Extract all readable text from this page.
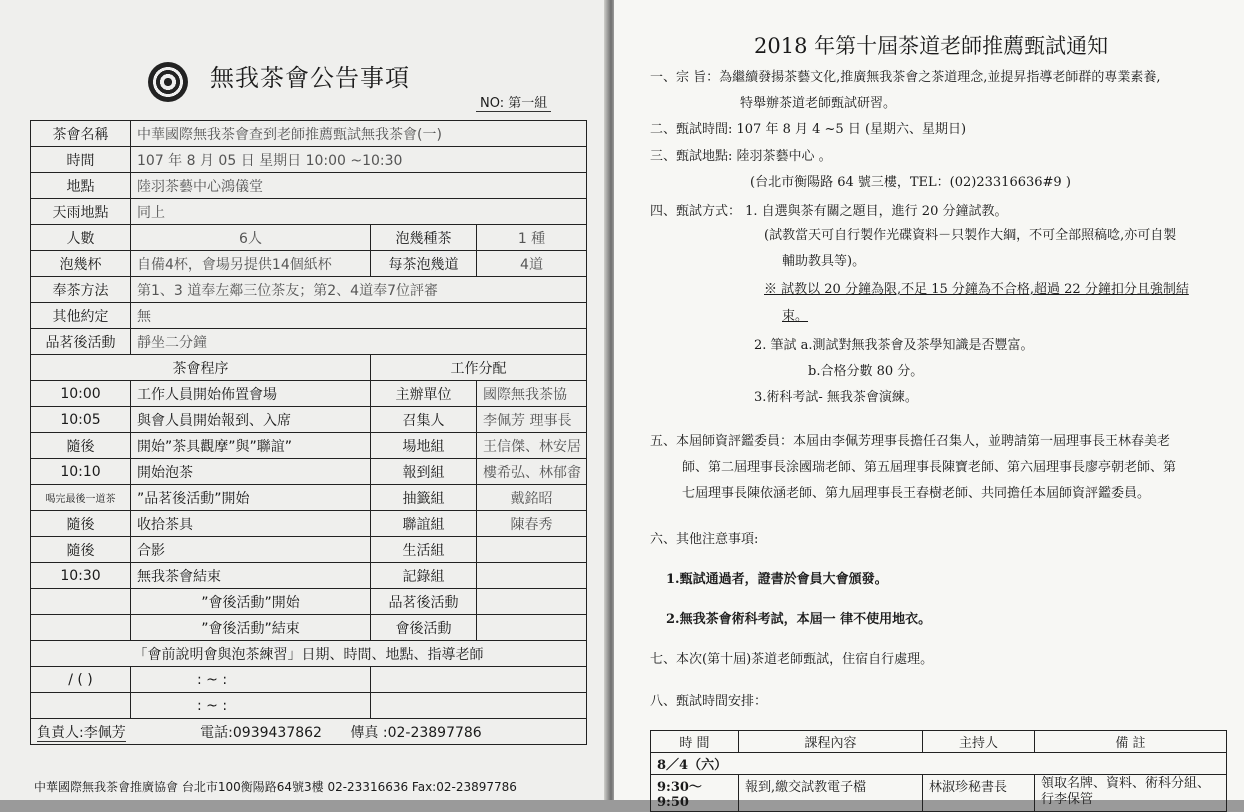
無我茶會公告事項
NO: 第一組
茶會名稱	中華國際無我茶會查到老師推薦甄試無我茶會(一)		
時間	107 年 8 月 05 日 星期日 10:00 ~10:30		
地點	陸羽茶藝中心鴻儀堂		
天雨地點	同上		
人數	6人	泡幾種茶	1 種
泡幾杯	自備4杯，會場另提供14個紙杯	每茶泡幾道	4道
奉茶方法	第1、3 道奉左鄰三位茶友；第2、4道奉7位評審		
其他約定	無		
品茗後活動	靜坐二分鐘		
茶會程序		工作分配	
10:00	工作人員開始佈置會場	主辦單位	國際無我茶協
10:05	與會人員開始報到、入席	召集人	李佩芳 理事長
隨後	開始”茶具觀摩”與”聯誼”	場地組	王信傑、林安居
10:10	開始泡茶	報到組	樓希弘、林郁畬
喝完最後一道茶	”品茗後活動”開始	抽籤組	戴銘昭
隨後	收拾茶具	聯誼組	陳春秀
隨後	合影	生活組	
10:30	無我茶會結束	記錄組	
	”會後活動”開始	品茗後活動	
	”會後活動”結束	會後活動	
「會前說明會與泡茶練習」日期、時間、地點、指導老師			
/ ( )	: ~ :		
	: ~ :		
負責人:李佩芳 電話:0939437862 傳真 :02-23897786			
中華國際無我茶會推廣協會 台北市100衡陽路64號3樓 02-23316636 Fax:02-23897786
2018 年第十屆茶道老師推薦甄試通知
一、宗 旨：為繼續發揚茶藝文化,推廣無我茶會之茶道理念,並提昇指導老師群的專業素養,
特舉辦茶道老師甄試研習。
二、甄試時間: 107 年 8 月 4 ~5 日 (星期六、星期日)
三、甄試地點: 陸羽茶藝中心 。
(台北市衡陽路 64 號三樓，TEL：(02)23316636#9 )
四、甄試方式： 1. 自選與茶有關之題目，進行 20 分鐘試教。
(試教當天可自行製作光碟資料－只製作大綱，不可全部照稿唸,亦可自製
輔助教具等)。
※ 試教以 20 分鐘為限,不足 15 分鐘為不合格,超過 22 分鐘扣分且強制結
束。
2. 筆試 a.測試對無我茶會及茶學知識是否豐富。
b.合格分數 80 分。
3.術科考試- 無我茶會演練。
五、本屆師資評鑑委員：本屆由李佩芳理事長擔任召集人，並聘請第一屆理事長王林春美老
師、第二屆理事長涂國瑞老師、第五屆理事長陳寶老師、第六屆理事長廖亭朝老師、第
七屆理事長陳依涵老師、第九屆理事長王春樹老師、共同擔任本屆師資評鑑委員。
六、其他注意事項:
1.甄試通過者，證書於會員大會頒發。
2.無我茶會術科考試，本屆一 律不使用地衣。
七、本次(第十屆)茶道老師甄試，住宿自行處理。
八、甄試時間安排：
時 間	課程內容	主持人	備 註
8／4（六）			
9:30～9:50	報到,繳交試教電子檔	林淑珍秘書長	領取名牌、資料、術科分組、行李保管
